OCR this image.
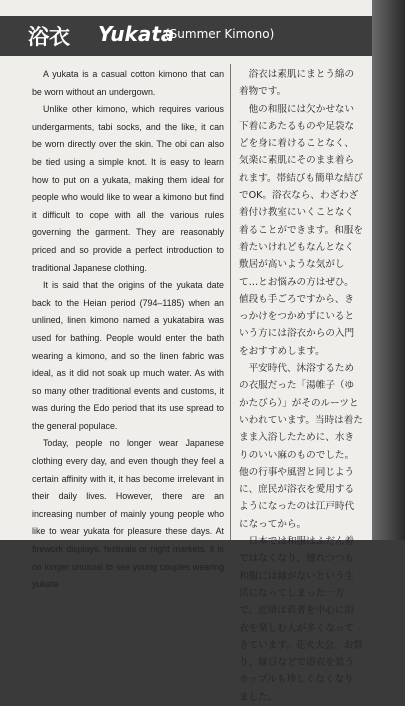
浴衣 Yukata
(Summer Kimono)

A yukata is a casual cotton kimono that can be worn without an undergown.

Unlike other kimono, which requires various undergarments, tabi socks, and the like, it can be worn directly over the skin. The obi can also be tied using a simple knot. It is easy to learn how to put on a yukata, making them ideal for people who would like to wear a kimono but find it difficult to cope with all the various rules governing the garment. They are reasonably priced and so provide a perfect introduction to traditional Japanese clothing.

It is said that the origins of the yukata date back to the Heian period (794–1185) when an unlined, linen kimono named a yukatabira was used for bathing. People would enter the bath wearing a kimono, and so the linen fabric was ideal, as it did not soak up much water. As with so many other traditional events and customs, it was during the Edo period that its use spread to the general populace.

Today, people no longer wear Japanese clothing every day, and even though they feel a certain affinity with it, it has become irrelevant in their daily lives. However, there are an increasing number of mainly young people who like to wear yukata for pleasure these days. At firework displays, festivals or night markets, it is no longer unusual to see young couples wearing yukata

浴衣は素肌にまとう綿の着物です。

他の和服には欠かせない下着にあたるものや足袋などを身に着けることなく、気楽に素肌にそのまま着られます。帯結びも簡単な結びでOK。浴衣なら、わざわざ着付け教室にいくことなく着ることができます。和服を着たいけれどもなんとなく敷居が高いような気がして…とお悩みの方はぜひ。値段も手ごろですから、きっかけをつかめずにいるという方には浴衣からの入門をおすすめします。

平安時代、沐浴するための衣服だった「湯帷子（ゆかたびら）」がそのルーツといわれています。当時は着たまま入浴したために、水きりのいい麻のものでした。他の行事や風習と同じように、庶民が浴衣を愛用するようになったのは江戸時代になってから。

日本では和服はふだん着ではなくなり、憧れつつも和服には縁がないという生活になってしまった一方で、近頃は若者を中心に浴衣を楽しむ人が多くなってきています。花火大会、お祭り、縁日などで浴衣を装うカップルも珍しくなくなりました。
